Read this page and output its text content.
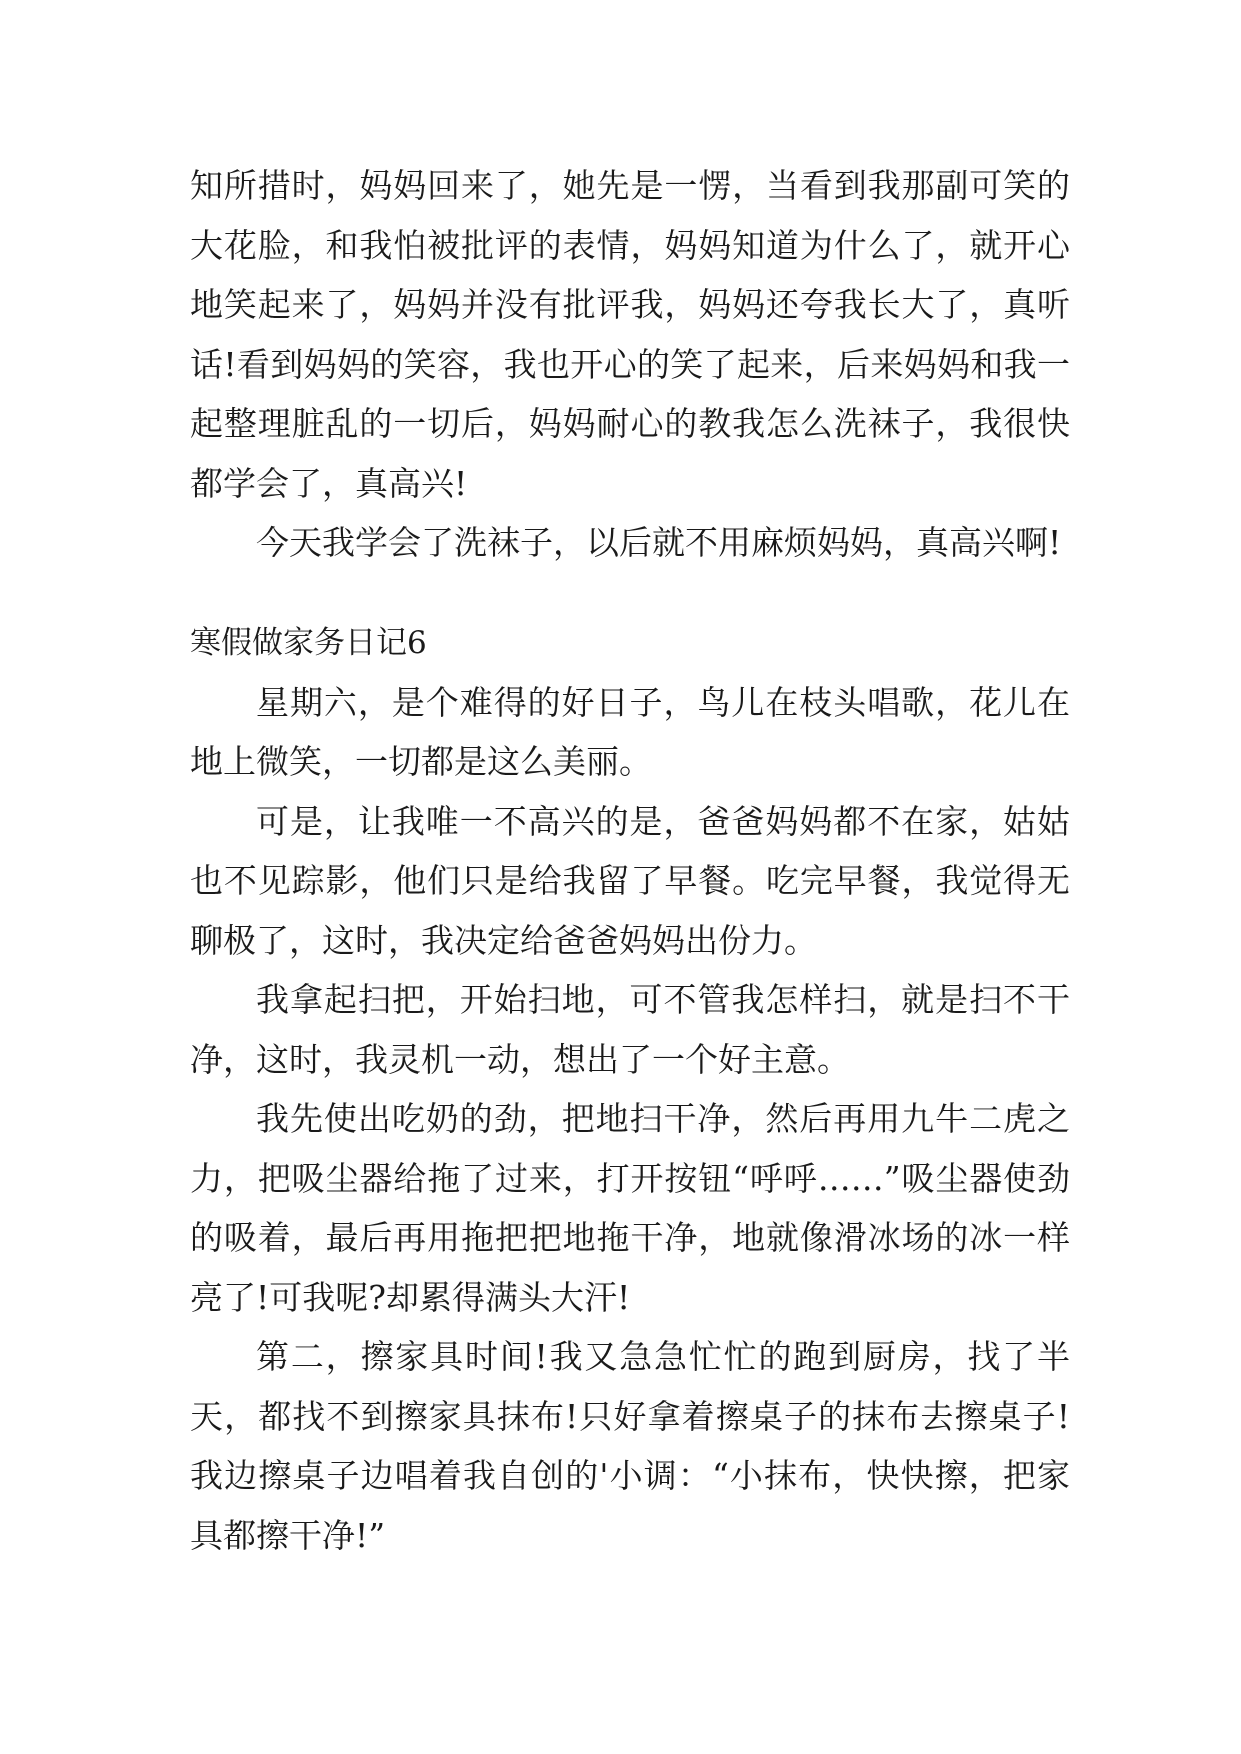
知所措时，妈妈回来了，她先是一愣，当看到我那副可笑的大花脸，和我怕被批评的表情，妈妈知道为什么了，就开心地笑起来了，妈妈并没有批评我，妈妈还夸我长大了，真听话!看到妈妈的笑容，我也开心的笑了起来，后来妈妈和我一起整理脏乱的一切后，妈妈耐心的教我怎么洗袜子，我很快都学会了，真高兴!

今天我学会了洗袜子，以后就不用麻烦妈妈，真高兴啊!

寒假做家务日记6

星期六，是个难得的好日子，鸟儿在枝头唱歌，花儿在地上微笑，一切都是这么美丽。

可是，让我唯一不高兴的是，爸爸妈妈都不在家，姑姑也不见踪影，他们只是给我留了早餐。吃完早餐，我觉得无聊极了，这时，我决定给爸爸妈妈出份力。

我拿起扫把，开始扫地，可不管我怎样扫，就是扫不干净，这时，我灵机一动，想出了一个好主意。

我先使出吃奶的劲，把地扫干净，然后再用九牛二虎之力，把吸尘器给拖了过来，打开按钮“呼呼……”吸尘器使劲的吸着，最后再用拖把把地拖干净，地就像滑冰场的冰一样亮了!可我呢?却累得满头大汗!

第二，擦家具时间!我又急急忙忙的跑到厨房，找了半天，都找不到擦家具抹布!只好拿着擦桌子的抹布去擦桌子!我边擦桌子边唱着我自创的'小调：“小抹布，快快擦，把家具都擦干净!”
